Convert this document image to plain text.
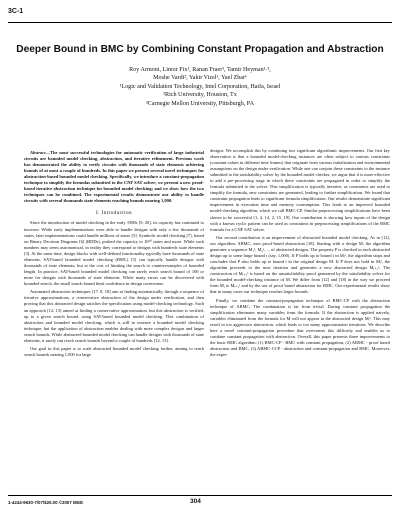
3C-1
Deeper Bound in BMC by Combining Constant Propagation and Abstraction
Roy Armoni, Limor Fix¹, Ranan Fraer¹, Tamir Heyman¹·³,
Moshe Vardi², Yakir Vizel¹, Yael Zbar¹
¹Logic and Validation Technology, Intel Corporation, Haifa, Israel
²Rich University, Houston, Tx
³Carnegie Mellon University, Pittsburgh, PA
Abstract—The most successful technologies for automatic verification of large industrial circuits are bounded model checking, abstraction, and iterative refinement. Previous work has demonstrated the ability to verify circuits with thousands of state elements achieving bounds of at most a couple of hundreds. In this paper we present several novel techniques for abstraction-based bounded model checking. Specifically, we introduce a constant-propagation technique to simplify the formulas submitted to the CNF SAT solver; we present a new proof-based iterative abstraction technique for bounded model checking; and we show how the two techniques can be combined. The experimental results demonstrate our ability to handle circuits with several thousands state elements reaching bounds nearing 1,000.
I. Introduction

Since the introduction of model checking in the early 1980s [9, 20], its capacity has continued to increase. While early implementations were able to handle designs with only a few thousands of states, later implementations could handle millions of states [5]. Symbolic model checking [7], based on Binary Decision Diagrams [6] (BDDs), pushed the capacity to 10²⁰ states and more. While such numbers may seem astronomical, in reality they correspond to designs with hundreds state elements [3]. At the same time, design blocks with well-defined functionality typically have thousands of state elements. SAT-based bounded model checking (BMC) [3] can typically handle designs with thousands of state elements, but at the cost of limiting the search to counterexamples of bounded length. In practice, SAT-based bounded model checking can rarely reach search bound of 100 or more for designs with thousands of state elements. While many errors can be discovered with bounded search, the small search bound limit confidence in design correctness.

Automated abstraction techniques [17, 8, 18] aim at finding automatically, through a sequence of iterative approximations, a conservative abstraction of the design under verification, and then proving that this abstracted design satisfies the specification using model-checking technology. Such an approach [12, 13] aimed at finding a conservative approximation, but this abstraction is verified, up to a given search bound, using SAT-based bounded model checking. This combination of abstraction and bounded model checking, which is still in essence a bounded model checking technique, but the application of abstraction enables dealing with more complex designs and larger search bounds. While abstracted bounded model checking can handle designs with thousands of state elements, it rarely can reach search bounds beyond a couple of hundreds [12, 13].

Our goal in this paper is to scale abstracted bounded model checking further, aiming to reach search bounds nearing 1,000 for large

designs. We accomplish this by combining two significant algorithmic improvements. Our first key observation is that a bounded model-checking instances are often subject to various constraints (constant values in different time frames) that originate from various initialization and environmental assumptions on the design under verification. While one can conjoin these constraints to the instance submitted to the satisfiability solver by the bounded model checker, we argue that it is more effective to add a pre-processing stage in which these constraints are propagated in order to simplify the formula submitted to the solver. This simplification is typically iterative; as constraints are used to simplify the formula, new constraints are generated, leading to further simplification. We found that constraint propagation leads to significant formula simplification. Our results demonstrate significant improvement in execution time and memory consumption. This leads to an improved bounded model-checking algorithm, which we call BMC-CP. Similar preprocessing simplifications have been shown to be successful [1, 4, 14, 2, 15, 19]. Our contribution is showing how inputs of the design with a known cyclic pattern can be used as constraints in preprocessing simplifications of the BMC formula for a CNF SAT solver.

Our second contribution is an improvement of abstracted bounded model checking. As in [12], our algorithm, ABMC, uses proof-based abstraction [18]. Starting with a design M, the algorithm generates a sequence M₁ᵃ, M₂ᵃ, ... of abstracted designs. The property P is checked in each abstracted design up to some large bound t (say, 1,000). If P holds up to bound t in Mᵢᵃ, the algorithm stops and concludes that P also holds up to bound t in the original design M. If P does not hold in Mᵢᵃ, the algorithm proceeds to the next iteration and generates a new abstracted design Mᵢ₊₁ᵃ. The construction of Mᵢ₊₁ᵃ is based on the unsatisfiability proof generated by the satisfiability solver for the bounded model-checking instance of M. We differ from [12] and [18] in the way we proceed from Mᵢ to Mᵢ₊₁ᵃ and by the use of proof based abstraction for BMC. Our experimental results show that in many cases our technique reaches larger bounds.

Finally, we combine the constant-propagation technique of BMC-CP with the abstraction technique of ABMC. The combination is far from trivial. During constant propagation the simplification eliminates many variables from the formula. If the abstraction is applied naively, variables eliminated from the formula for M will not appear in the abstracted design Mᵢᵃ. This may result in too aggressive abstraction, which leads to too many approximation iterations. We describe here a novel constant-propagation procedure that overcomes this difficulty and enables us to combine constant propagation with abstraction. Overall, this paper presents three improvements to the basic BMC algorithm: (1) BMC-CP - BMC with constant propagation, (2) ABMC - proof based abstraction and BMC, (3) ABMC-CCP - abstraction and constant-propagation and BMC. Moreover, the exper-

1-4244-9630-7/07/$20.00 ©2007 IEEE	304
